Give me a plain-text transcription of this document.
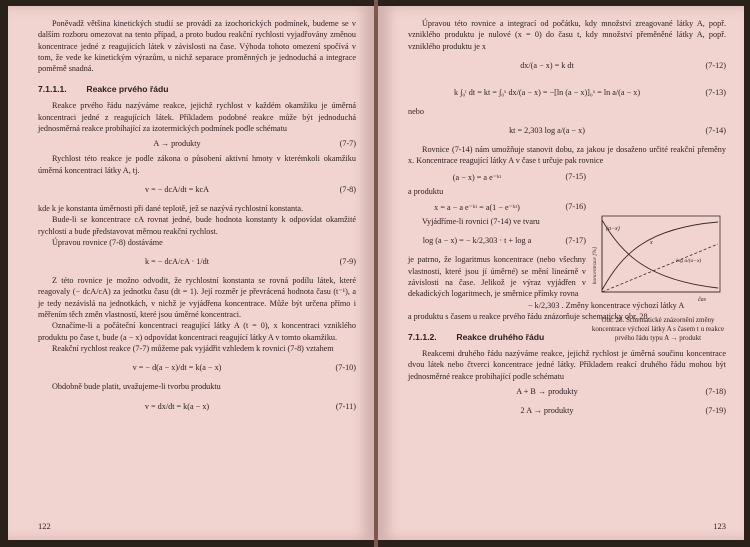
Poněvadž většina kinetických studií se provádí za izochorických podmínek, budeme se v dalším rozboru omezovat na tento případ, a proto budou reakční rychlosti vyjadřovány změnou koncentrace jedné z reagujících látek v závislosti na čase. Výhoda tohoto omezení spočívá v tom, že vede ke kinetickým výrazům, u nichž separace proměnných je jednoduchá a integrace poměrně snadná.

7.1.1.1. Reakce prvého řádu

Reakce prvého řádu nazýváme reakce, jejichž rychlost v každém okamžiku je úměrná koncentraci jedné z reagujících látek. Příkladem podobné reakce může být jednoduchá jednosměrná reakce probíhající za izotermických podmínek podle schématu

A → produkty	(7-7)

Rychlost této reakce je podle zákona o působení aktivní hmoty v kterémkoli okamžiku úměrná koncentraci látky A, tj.

v = − dcA/dt = kcA	(7-8)

kde k je konstanta úměrnosti při dané teplotě, jež se nazývá rychlostní konstanta.

Bude-li se koncentrace cA rovnat jedné, bude hodnota konstanty k odpovídat okamžité rychlosti a bude představovat měrnou reakční rychlost.

Úpravou rovnice (7-8) dostáváme

k = − dcA/cA · 1/dt	(7-9)

Z této rovnice je možno odvodit, že rychlostní konstanta se rovná podílu látek, které reagovaly (− dcA/cA) za jednotku času (dt = 1). Její rozměr je převrácená hodnota času (t⁻¹), a je tedy nezávislá na jednotkách, v nichž je vyjádřena koncentrace. Může být určena přímo i měřením těch změn vlastností, které jsou úměrné koncentraci.

Označíme-li a počáteční koncentraci reagující látky A (t = 0), x koncentraci vzniklého produktu po čase t, bude (a − x) odpovídat koncentraci reagující látky A v tomto okamžiku.

Reakční rychlost reakce (7-7) můžeme pak vyjádřit vzhledem k rovnici (7-8) vztahem

v = − d(a − x)/dt = k(a − x)	(7-10)

Obdobně bude platit, uvažujeme-li tvorbu produktu

v = dx/dt = k(a − x)	(7-11)
122

Úpravou této rovnice a integrací od počátku, kdy množství zreagované látky A, popř. vzniklého produktu je nulové (x = 0) do času t, kdy množství přeměněné látky A, popř. vzniklého produktu je x

dx/(a − x) = k dt	(7-12)
k ∫₀ᵗ dt = kt = ∫₀ˣ dx/(a − x) = −[ln (a − x)]₀ˣ = ln a/(a − x)	(7-13)

nebo

kt = 2,303 log a/(a − x)	(7-14)

Rovnice (7-14) nám umožňuje stanovit dobu, za jakou je dosaženo určité reakční přeměny x. Koncentrace reagující látky A v čase t určuje pak rovnice

(a − x) = a e⁻ᵏᵗ	(7-15)

a produktu

x = a − a e⁻ᵏᵗ = a(1 − e⁻ᵏᵗ)	(7-16)

Vyjádříme-li rovnici (7-14) ve tvaru

log (a − x) = − k/2,303 · t + log a	(7-17)

je patrno, že logaritmus koncentrace (nebo všechny vlastnosti, které jsou jí úměrné) se mění lineárně v závislosti na čase. Jelikož je výraz vyjádřen v dekadických logaritmech, je směrnice přímky rovna

− k/2,303 . Změny koncentrace výchozí látky A

a produktu s časem u reakce prvého řádu znázorňuje schematicky obr. 28.

7.1.1.2. Reakce druhého řádu

Reakcemi druhého řádu nazýváme reakce, jejichž rychlost je úměrná součinu koncentrace dvou látek nebo čtverci koncentrace jedné látky. Příkladem reakcí druhého řádu mohou být jednosměrné reakce probíhající podle schématu

A + B → produkty	(7-18)
2 A → produkty	(7-19)
(a−x)
x
log a/(a−x)
koncentrace [%]
čas
Obr. 28. Schematické znázornění změny koncentrace výchozí látky A s časem t u reakce prvého řádu typu A → produkt
123
